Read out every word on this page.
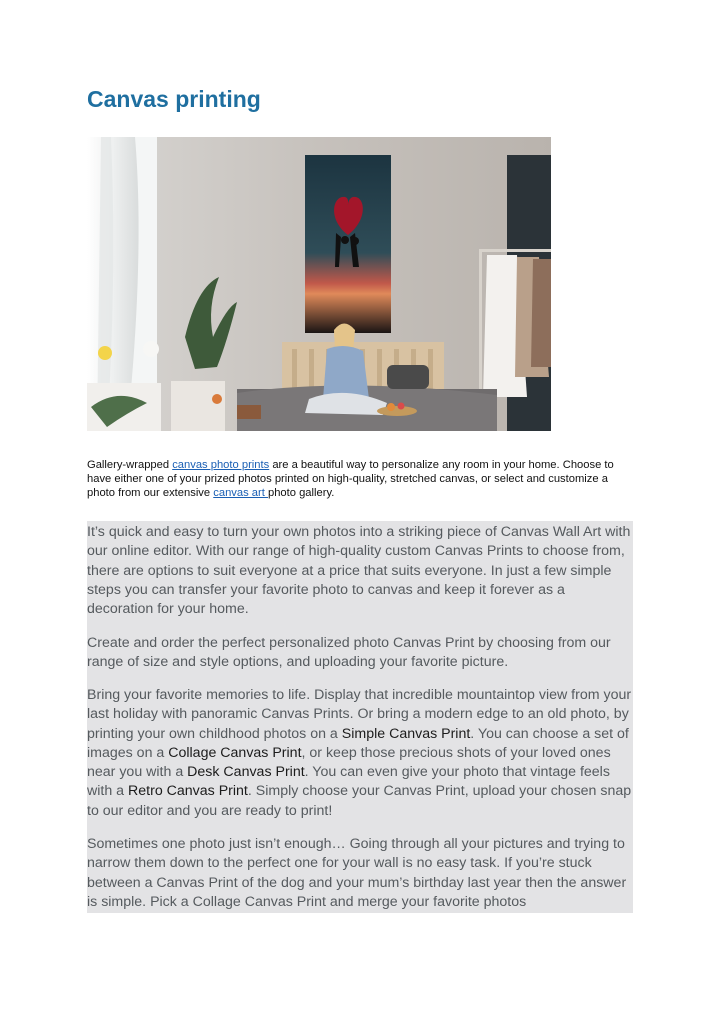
Canvas printing

Gallery-wrapped canvas photo prints are a beautiful way to personalize any room in your home. Choose to have either one of your prized photos printed on high-quality, stretched canvas, or select and customize a photo from our extensive canvas art photo gallery.

It’s quick and easy to turn your own photos into a striking piece of Canvas Wall Art with our online editor. With our range of high-quality custom Canvas Prints to choose from, there are options to suit everyone at a price that suits everyone. In just a few simple steps you can transfer your favorite photo to canvas and keep it forever as a decoration for your home.

Create and order the perfect personalized photo Canvas Print by choosing from our range of size and style options, and uploading your favorite picture.

Bring your favorite memories to life. Display that incredible mountaintop view from your last holiday with panoramic Canvas Prints. Or bring a modern edge to an old photo, by printing your own childhood photos on a Simple Canvas Print. You can choose a set of images on a Collage Canvas Print, or keep those precious shots of your loved ones near you with a Desk Canvas Print. You can even give your photo that vintage feels with a Retro Canvas Print. Simply choose your Canvas Print, upload your chosen snap to our editor and you are ready to print!

Sometimes one photo just isn’t enough… Going through all your pictures and trying to narrow them down to the perfect one for your wall is no easy task. If you’re stuck between a Canvas Print of the dog and your mum’s birthday last year then the answer is simple. Pick a Collage Canvas Print and merge your favorite photos
